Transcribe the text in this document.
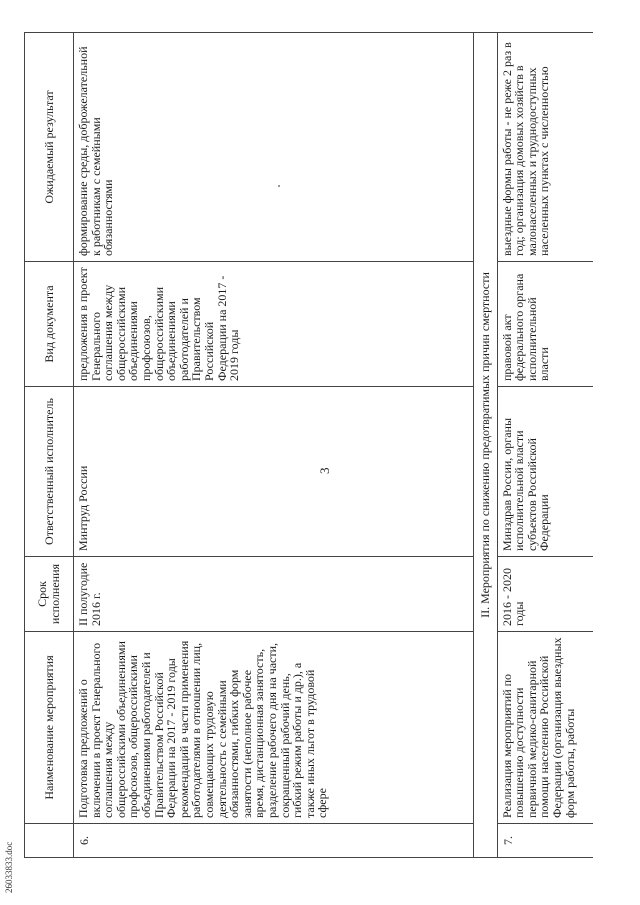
3
26033833.doc
	Наименование мероприятия	Срок исполнения	Ответственный исполнитель	Вид документа	Ожидаемый результат
6.	Подготовка предложений о включении в проект Генерального соглашения между общероссийскими объединениями профсоюзов, общероссийскими объединениями работодателей и Правительством Российской Федерации на 2017 - 2019 годы рекомендаций в части применения работодателями в отношении лиц, совмещающих трудовую деятельность с семейными обязанностями, гибких форм занятости (неполное рабочее время, дистанционная занятость, разделение рабочего дня на части, сокращенный рабочий день, гибкий режим работы и др.), а также иных льгот в трудовой сфере	II полугодие 2016 г.	Минтруд России	предложения в проект Генерального соглашения между общероссийскими объединениями профсоюзов, общероссийскими объединениями работодателей и Правительством Российской Федерации на 2017 - 2019 годы	формирование среды, доброжелательной к работникам с семейными обязанностями
II. Мероприятия по снижению предотвратимых причин смертности					
7.	Реализация мероприятий по повышению доступности первичной медико-санитарной помощи населению Российской Федерации (организация выездных форм работы, работы	2016 - 2020 годы	Минздрав России, органы исполнительной власти субъектов Российской Федерации	правовой акт федерального органа исполнительной власти	выездные формы работы - не реже 2 раз в год; организация домовых хозяйств в малонаселенных и труднодоступных населенных пунктах с численностью
